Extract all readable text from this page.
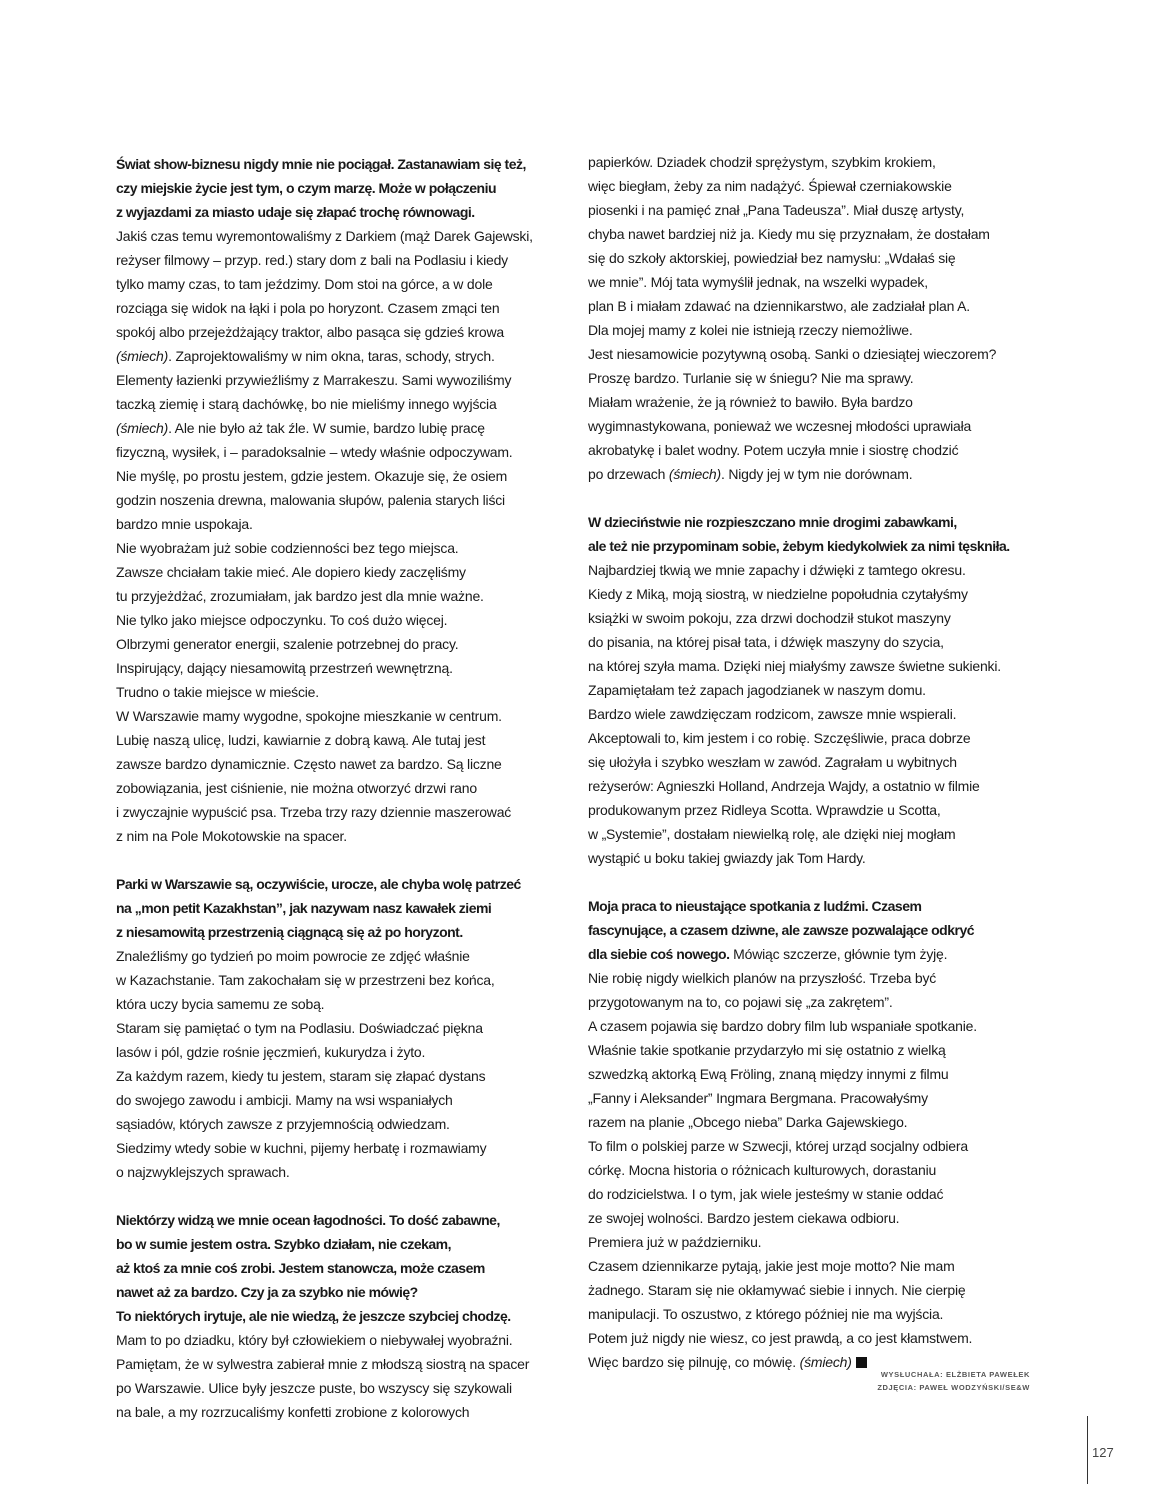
Świat show-biznesu nigdy mnie nie pociągał. Zastanawiam się też,

czy miejskie życie jest tym, o czym marzę. Może w połączeniu

z wyjazdami za miasto udaje się złapać trochę równowagi.

Jakiś czas temu wyremontowaliśmy z Darkiem (mąż Darek Gajewski,

reżyser filmowy – przyp. red.) stary dom z bali na Podlasiu i kiedy

tylko mamy czas, to tam jeździmy. Dom stoi na górce, a w dole

rozciąga się widok na łąki i pola po horyzont. Czasem zmąci ten

spokój albo przejeżdżający traktor, albo pasąca się gdzieś krowa

(śmiech). Zaprojektowaliśmy w nim okna, taras, schody, strych.

Elementy łazienki przywieźliśmy z Marrakeszu. Sami wywoziliśmy

taczką ziemię i starą dachówkę, bo nie mieliśmy innego wyjścia

(śmiech). Ale nie było aż tak źle. W sumie, bardzo lubię pracę

fizyczną, wysiłek, i – paradoksalnie – wtedy właśnie odpoczywam.

Nie myślę, po prostu jestem, gdzie jestem. Okazuje się, że osiem

godzin noszenia drewna, malowania słupów, palenia starych liści

bardzo mnie uspokaja.

Nie wyobrażam już sobie codzienności bez tego miejsca.

Zawsze chciałam takie mieć. Ale dopiero kiedy zaczęliśmy

tu przyjeżdżać, zrozumiałam, jak bardzo jest dla mnie ważne.

Nie tylko jako miejsce odpoczynku. To coś dużo więcej.

Olbrzymi generator energii, szalenie potrzebnej do pracy.

Inspirujący, dający niesamowitą przestrzeń wewnętrzną.

Trudno o takie miejsce w mieście.

W Warszawie mamy wygodne, spokojne mieszkanie w centrum.

Lubię naszą ulicę, ludzi, kawiarnie z dobrą kawą. Ale tutaj jest

zawsze bardzo dynamicznie. Często nawet za bardzo. Są liczne

zobowiązania, jest ciśnienie, nie można otworzyć drzwi rano

i zwyczajnie wypuścić psa. Trzeba trzy razy dziennie maszerować

z nim na Pole Mokotowskie na spacer.

Parki w Warszawie są, oczywiście, urocze, ale chyba wolę patrzeć

na „mon petit Kazakhstan”, jak nazywam nasz kawałek ziemi

z niesamowitą przestrzenią ciągnącą się aż po horyzont.

Znaleźliśmy go tydzień po moim powrocie ze zdjęć właśnie

w Kazachstanie. Tam zakochałam się w przestrzeni bez końca,

która uczy bycia samemu ze sobą.

Staram się pamiętać o tym na Podlasiu. Doświadczać piękna

lasów i pól, gdzie rośnie jęczmień, kukurydza i żyto.

Za każdym razem, kiedy tu jestem, staram się złapać dystans

do swojego zawodu i ambicji. Mamy na wsi wspaniałych

sąsiadów, których zawsze z przyjemnością odwiedzam.

Siedzimy wtedy sobie w kuchni, pijemy herbatę i rozmawiamy

o najzwyklejszych sprawach.

Niektórzy widzą we mnie ocean łagodności. To dość zabawne,

bo w sumie jestem ostra. Szybko działam, nie czekam,

aż ktoś za mnie coś zrobi. Jestem stanowcza, może czasem

nawet aż za bardzo. Czy ja za szybko nie mówię?

To niektórych irytuje, ale nie wiedzą, że jeszcze szybciej chodzę.

Mam to po dziadku, który był człowiekiem o niebywałej wyobraźni.

Pamiętam, że w sylwestra zabierał mnie z młodszą siostrą na spacer

po Warszawie. Ulice były jeszcze puste, bo wszyscy się szykowali

na bale, a my rozrzucaliśmy konfetti zrobione z kolorowych

papierków. Dziadek chodził sprężystym, szybkim krokiem,

więc biegłam, żeby za nim nadążyć. Śpiewał czerniakowskie

piosenki i na pamięć znał „Pana Tadeusza”. Miał duszę artysty,

chyba nawet bardziej niż ja. Kiedy mu się przyznałam, że dostałam

się do szkoły aktorskiej, powiedział bez namysłu: „Wdałaś się

we mnie”. Mój tata wymyślił jednak, na wszelki wypadek,

plan B i miałam zdawać na dziennikarstwo, ale zadziałał plan A.

Dla mojej mamy z kolei nie istnieją rzeczy niemożliwe.

Jest niesamowicie pozytywną osobą. Sanki o dziesiątej wieczorem?

Proszę bardzo. Turlanie się w śniegu? Nie ma sprawy.

Miałam wrażenie, że ją również to bawiło. Była bardzo

wygimnastykowana, ponieważ we wczesnej młodości uprawiała

akrobatykę i balet wodny. Potem uczyła mnie i siostrę chodzić

po drzewach (śmiech). Nigdy jej w tym nie dorównam.

W dzieciństwie nie rozpieszczano mnie drogimi zabawkami,

ale też nie przypominam sobie, żebym kiedykolwiek za nimi tęskniła.

Najbardziej tkwią we mnie zapachy i dźwięki z tamtego okresu.

Kiedy z Miką, moją siostrą, w niedzielne popołudnia czytałyśmy

książki w swoim pokoju, zza drzwi dochodził stukot maszyny

do pisania, na której pisał tata, i dźwięk maszyny do szycia,

na której szyła mama. Dzięki niej miałyśmy zawsze świetne sukienki.

Zapamiętałam też zapach jagodzianek w naszym domu.

Bardzo wiele zawdzięczam rodzicom, zawsze mnie wspierali.

Akceptowali to, kim jestem i co robię. Szczęśliwie, praca dobrze

się ułożyła i szybko weszłam w zawód. Zagrałam u wybitnych

reżyserów: Agnieszki Holland, Andrzeja Wajdy, a ostatnio w filmie

produkowanym przez Ridleya Scotta. Wprawdzie u Scotta,

w „Systemie”, dostałam niewielką rolę, ale dzięki niej mogłam

wystąpić u boku takiej gwiazdy jak Tom Hardy.

Moja praca to nieustające spotkania z ludźmi. Czasem

fascynujące, a czasem dziwne, ale zawsze pozwalające odkryć

dla siebie coś nowego. Mówiąc szczerze, głównie tym żyję.

Nie robię nigdy wielkich planów na przyszłość. Trzeba być

przygotowanym na to, co pojawi się „za zakrętem”.

A czasem pojawia się bardzo dobry film lub wspaniałe spotkanie.

Właśnie takie spotkanie przydarzyło mi się ostatnio z wielką

szwedzką aktorką Ewą Fröling, znaną między innymi z filmu

„Fanny i Aleksander” Ingmara Bergmana. Pracowałyśmy

razem na planie „Obcego nieba” Darka Gajewskiego.

To film o polskiej parze w Szwecji, której urząd socjalny odbiera

córkę. Mocna historia o różnicach kulturowych, dorastaniu

do rodzicielstwa. I o tym, jak wiele jesteśmy w stanie oddać

ze swojej wolności. Bardzo jestem ciekawa odbioru.

Premiera już w październiku.

Czasem dziennikarze pytają, jakie jest moje motto? Nie mam

żadnego. Staram się nie okłamywać siebie i innych. Nie cierpię

manipulacji. To oszustwo, z którego później nie ma wyjścia.

Potem już nigdy nie wiesz, co jest prawdą, a co jest kłamstwem.

Więc bardzo się pilnuję, co mówię. (śmiech)

WYSŁUCHAŁA: ELŻBIETA PAWEŁEK
ZDJĘCIA: PAWEŁ WODZYŃSKI/SE&W
127
